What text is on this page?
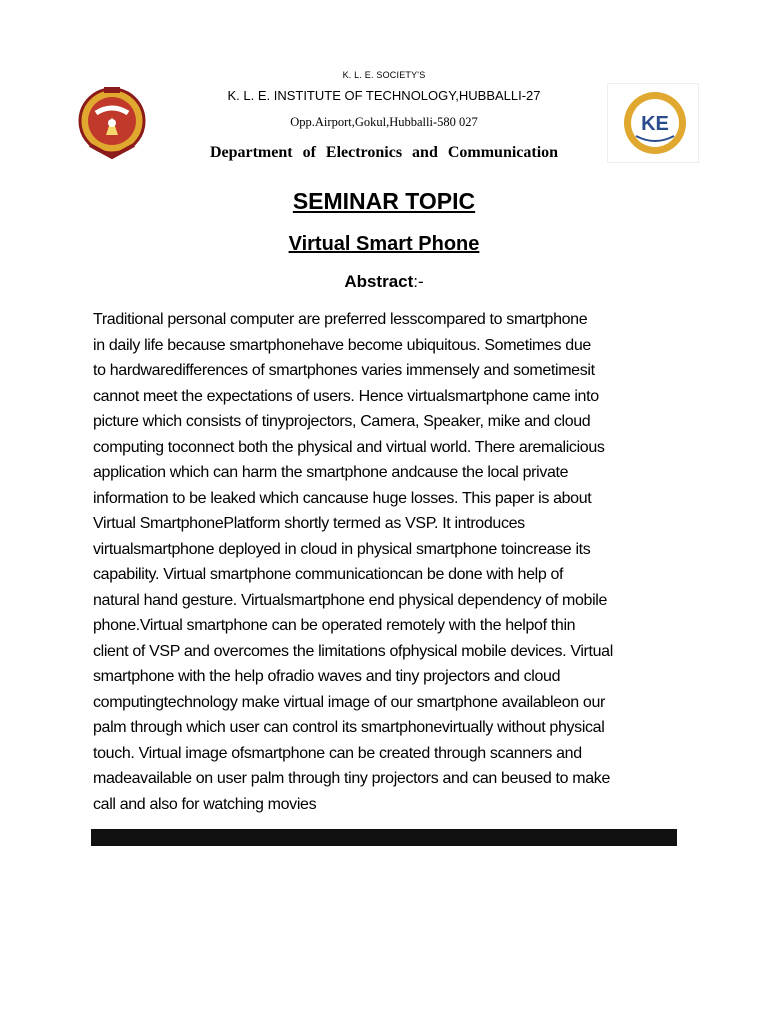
K. L. E. SOCIETY'S
K. L. E. INSTITUTE OF TECHNOLOGY,HUBBALLI-27
Opp.Airport,Gokul,Hubballi-580 027
Department of Electronics and Communication
KE
SEMINAR TOPIC
Virtual Smart Phone
Abstract:-
Traditional personal computer are preferred lesscompared to smartphone
in daily life because smartphonehave become ubiquitous. Sometimes due
to hardwaredifferences of smartphones varies immensely and sometimesit
cannot meet the expectations of users. Hence virtualsmartphone came into
picture which consists of tinyprojectors, Camera, Speaker, mike and cloud
computing toconnect both the physical and virtual world. There aremalicious
application which can harm the smartphone andcause the local private
information to be leaked which cancause huge losses. This paper is about
Virtual SmartphonePlatform shortly termed as VSP. It introduces
virtualsmartphone deployed in cloud in physical smartphone toincrease its
capability. Virtual smartphone communicationcan be done with help of
natural hand gesture. Virtualsmartphone end physical dependency of mobile
phone.Virtual smartphone can be operated remotely with the helpof thin
client of VSP and overcomes the limitations ofphysical mobile devices. Virtual
smartphone with the help ofradio waves and tiny projectors and cloud
computingtechnology make virtual image of our smartphone availableon our
palm through which user can control its smartphonevirtually without physical
touch. Virtual image ofsmartphone can be created through scanners and
madeavailable on user palm through tiny projectors and can beused to make
call and also for watching movies
